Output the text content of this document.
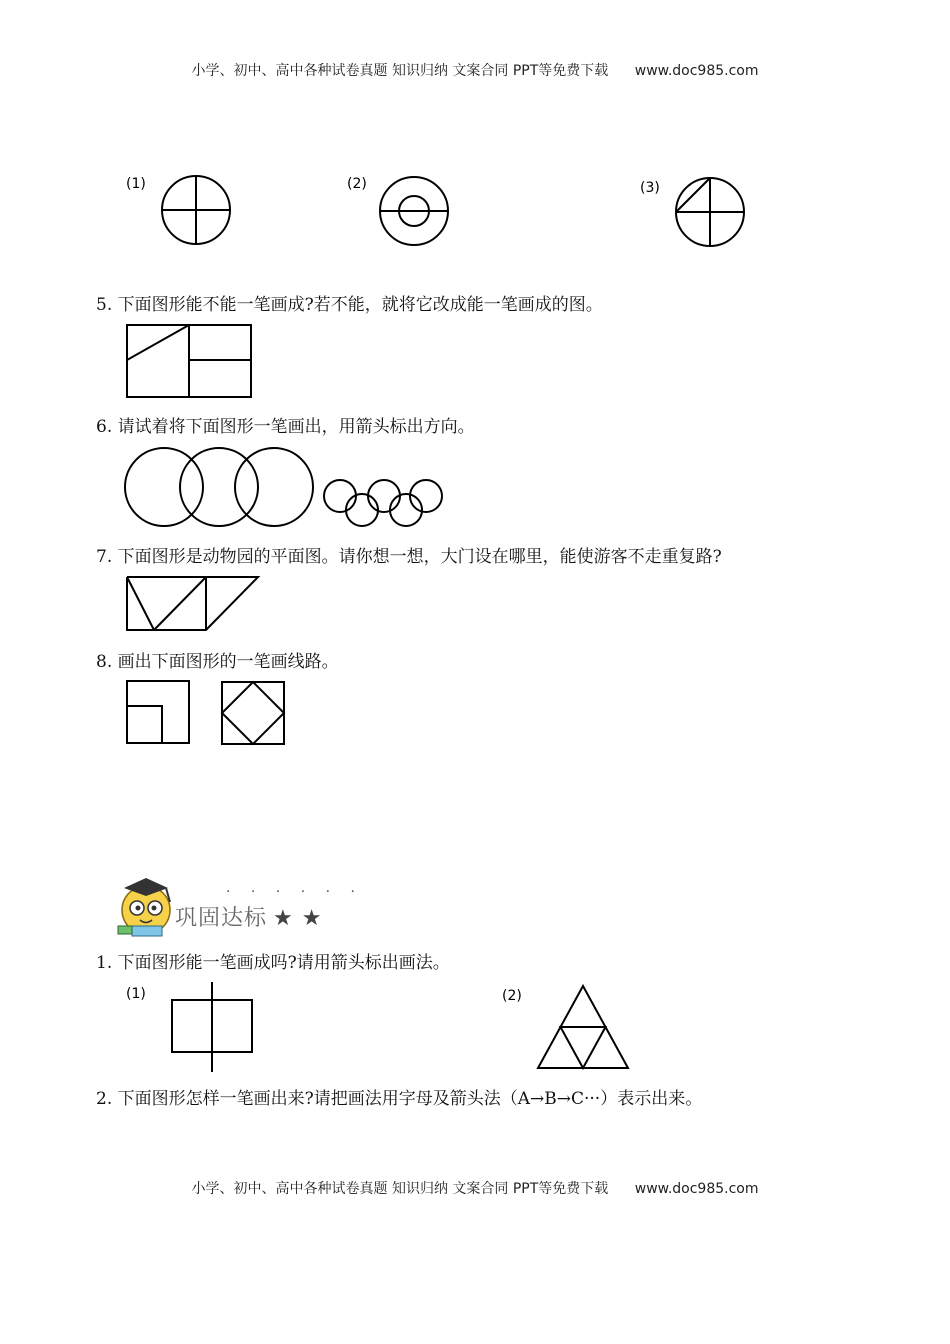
小学、初中、高中各种试卷真题 知识归纳 文案合同 PPT等免费下载 www.doc985.com
(1)	(2)	(3)
5. 下面图形能不能一笔画成?若不能，就将它改成能一笔画成的图。
6. 请试着将下面图形一笔画出，用箭头标出方向。
7. 下面图形是动物园的平面图。请你想一想，大门设在哪里，能使游客不走重复路?
8. 画出下面图形的一笔画线路。
· · · · · ·
巩固达标 ★ ★
1. 下面图形能一笔画成吗?请用箭头标出画法。
(1)	(2)
2. 下面图形怎样一笔画出来?请把画法用字母及箭头法（A→B→C···）表示出来。
小学、初中、高中各种试卷真题 知识归纳 文案合同 PPT等免费下载 www.doc985.com
